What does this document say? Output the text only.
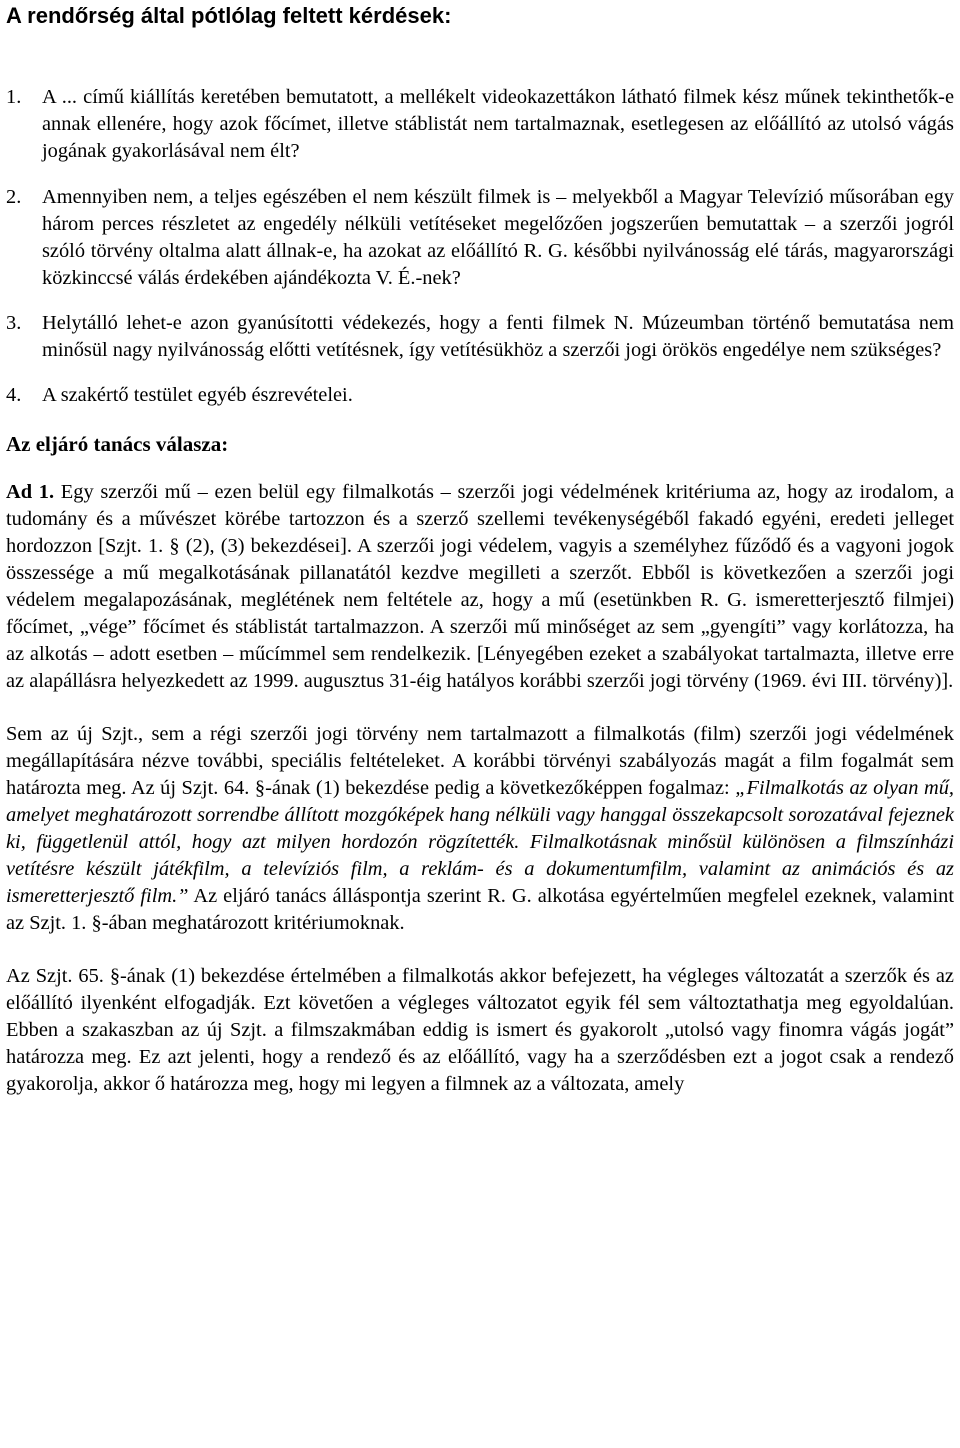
A rendőrség által pótlólag feltett kérdések:
1. A ... című kiállítás keretében bemutatott, a mellékelt videokazettákon látható filmek kész műnek tekinthetők-e annak ellenére, hogy azok főcímet, illetve stáblistát nem tartalmaznak, esetlegesen az előállító az utolsó vágás jogának gyakorlásával nem élt?
2. Amennyiben nem, a teljes egészében el nem készült filmek is – melyekből a Magyar Televízió műsorában egy három perces részletet az engedély nélküli vetítéseket megelőzően jogszerűen bemutattak – a szerzői jogról szóló törvény oltalma alatt állnak-e, ha azokat az előállító R. G. későbbi nyilvánosság elé tárás, magyarországi közkinccsé válás érdekében ajándékozta V. É.-nek?
3. Helytálló lehet-e azon gyanúsítotti védekezés, hogy a fenti filmek N. Múzeumban történő bemutatása nem minősül nagy nyilvánosság előtti vetítésnek, így vetítésükhöz a szerzői jogi örökös engedélye nem szükséges?
4. A szakértő testület egyéb észrevételei.
Az eljáró tanács válasza:

Ad 1. Egy szerzői mű – ezen belül egy filmalkotás – szerzői jogi védelmének kritériuma az, hogy az irodalom, a tudomány és a művészet körébe tartozzon és a szerző szellemi tevékenységéből fakadó egyéni, eredeti jelleget hordozzon [Szjt. 1. § (2), (3) bekezdései]. A szerzői jogi védelem, vagyis a személyhez fűződő és a vagyoni jogok összessége a mű megalkotásának pillanatától kezdve megilleti a szerzőt. Ebből is következően a szerzői jogi védelem megalapozásának, meglétének nem feltétele az, hogy a mű (esetünkben R. G. ismeretterjesztő filmjei) főcímet, „vége” főcímet és stáblistát tartalmazzon. A szerzői mű minőséget az sem „gyengíti” vagy korlátozza, ha az alkotás – adott esetben – műcímmel sem rendelkezik. [Lényegében ezeket a szabályokat tartalmazta, illetve erre az alapállásra helyezkedett az 1999. augusztus 31-éig hatályos korábbi szerzői jogi törvény (1969. évi III. törvény)].

Sem az új Szjt., sem a régi szerzői jogi törvény nem tartalmazott a filmalkotás (film) szerzői jogi védelmének megállapítására nézve további, speciális feltételeket. A korábbi törvényi szabályozás magát a film fogalmát sem határozta meg. Az új Szjt. 64. §-ának (1) bekezdése pedig a következőképpen fogalmaz: „Filmalkotás az olyan mű, amelyet meghatározott sorrendbe állított mozgóképek hang nélküli vagy hanggal összekapcsolt sorozatával fejeznek ki, függetlenül attól, hogy azt milyen hordozón rögzítették. Filmalkotásnak minősül különösen a filmszínházi vetítésre készült játékfilm, a televíziós film, a reklám- és a dokumentumfilm, valamint az animációs és az ismeretterjesztő film.” Az eljáró tanács álláspontja szerint R. G. alkotása egyértelműen megfelel ezeknek, valamint az Szjt. 1. §-ában meghatározott kritériumoknak.

Az Szjt. 65. §-ának (1) bekezdése értelmében a filmalkotás akkor befejezett, ha végleges változatát a szerzők és az előállító ilyenként elfogadják. Ezt követően a végleges változatot egyik fél sem változtathatja meg egyoldalúan. Ebben a szakaszban az új Szjt. a filmszakmában eddig is ismert és gyakorolt „utolsó vagy finomra vágás jogát” határozza meg. Ez azt jelenti, hogy a rendező és az előállító, vagy ha a szerződésben ezt a jogot csak a rendező gyakorolja, akkor ő határozza meg, hogy mi legyen a filmnek az a változata, amely
